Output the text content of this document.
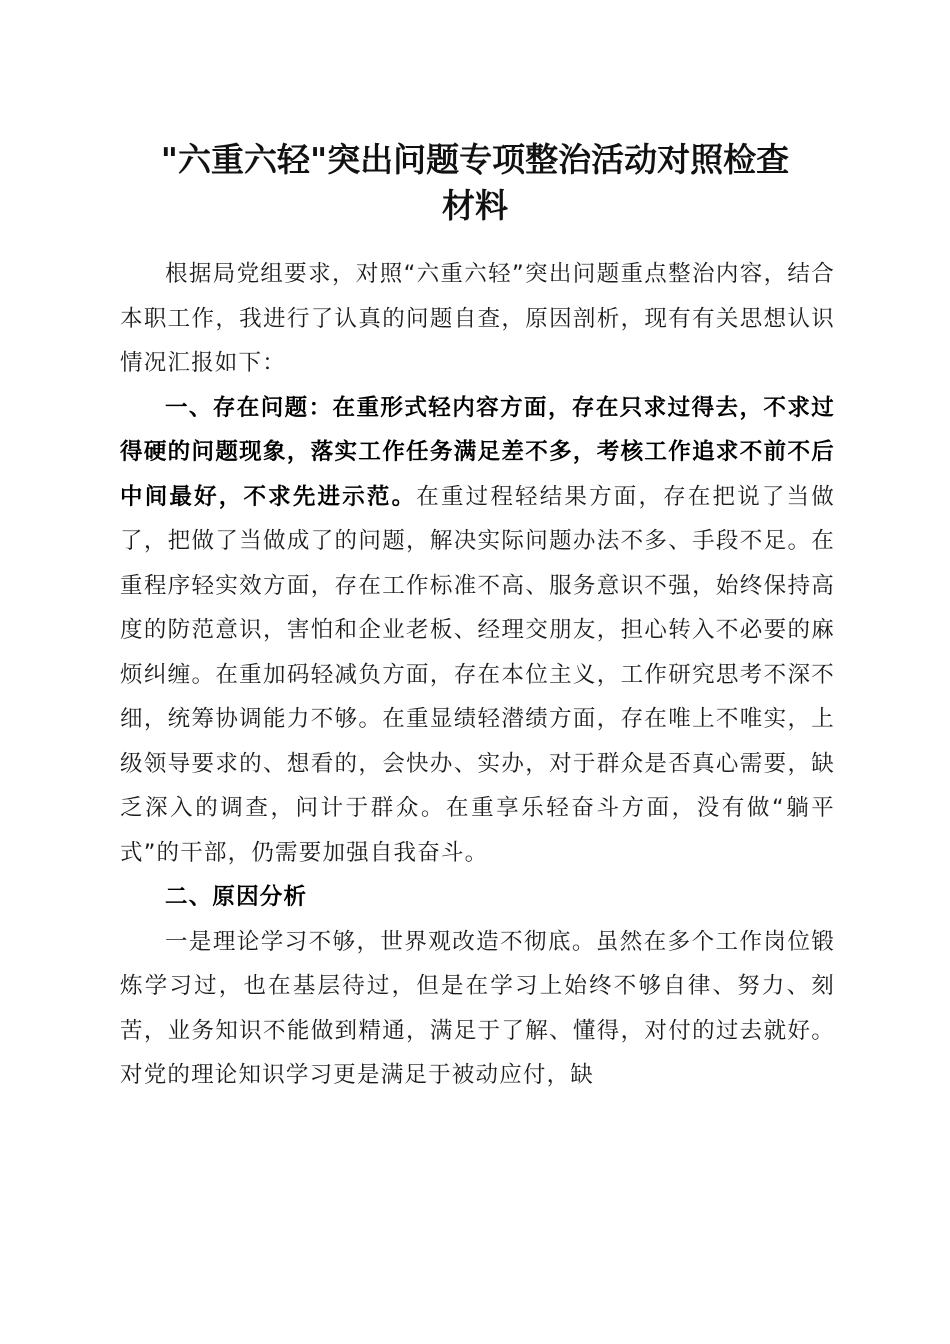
"六重六轻"突出问题专项整治活动对照检查
材料

根据局党组要求，对照“六重六轻”突出问题重点整治内容，结合本职工作，我进行了认真的问题自查，原因剖析，现有有关思想认识情况汇报如下：

一、存在问题：在重形式轻内容方面，存在只求过得去，不求过得硬的问题现象，落实工作任务满足差不多，考核工作追求不前不后中间最好，不求先进示范。在重过程轻结果方面，存在把说了当做了，把做了当做成了的问题，解决实际问题办法不多、手段不足。在重程序轻实效方面，存在工作标准不高、服务意识不强，始终保持高度的防范意识，害怕和企业老板、经理交朋友，担心转入不必要的麻烦纠缠。在重加码轻减负方面，存在本位主义，工作研究思考不深不细，统筹协调能力不够。在重显绩轻潜绩方面，存在唯上不唯实，上级领导要求的、想看的，会快办、实办，对于群众是否真心需要，缺乏深入的调查，问计于群众。在重享乐轻奋斗方面，没有做“躺平式”的干部，仍需要加强自我奋斗。

二、原因分析

一是理论学习不够，世界观改造不彻底。虽然在多个工作岗位锻炼学习过，也在基层待过，但是在学习上始终不够自律、努力、刻苦，业务知识不能做到精通，满足于了解、懂得，对付的过去就好。对党的理论知识学习更是满足于被动应付，缺
